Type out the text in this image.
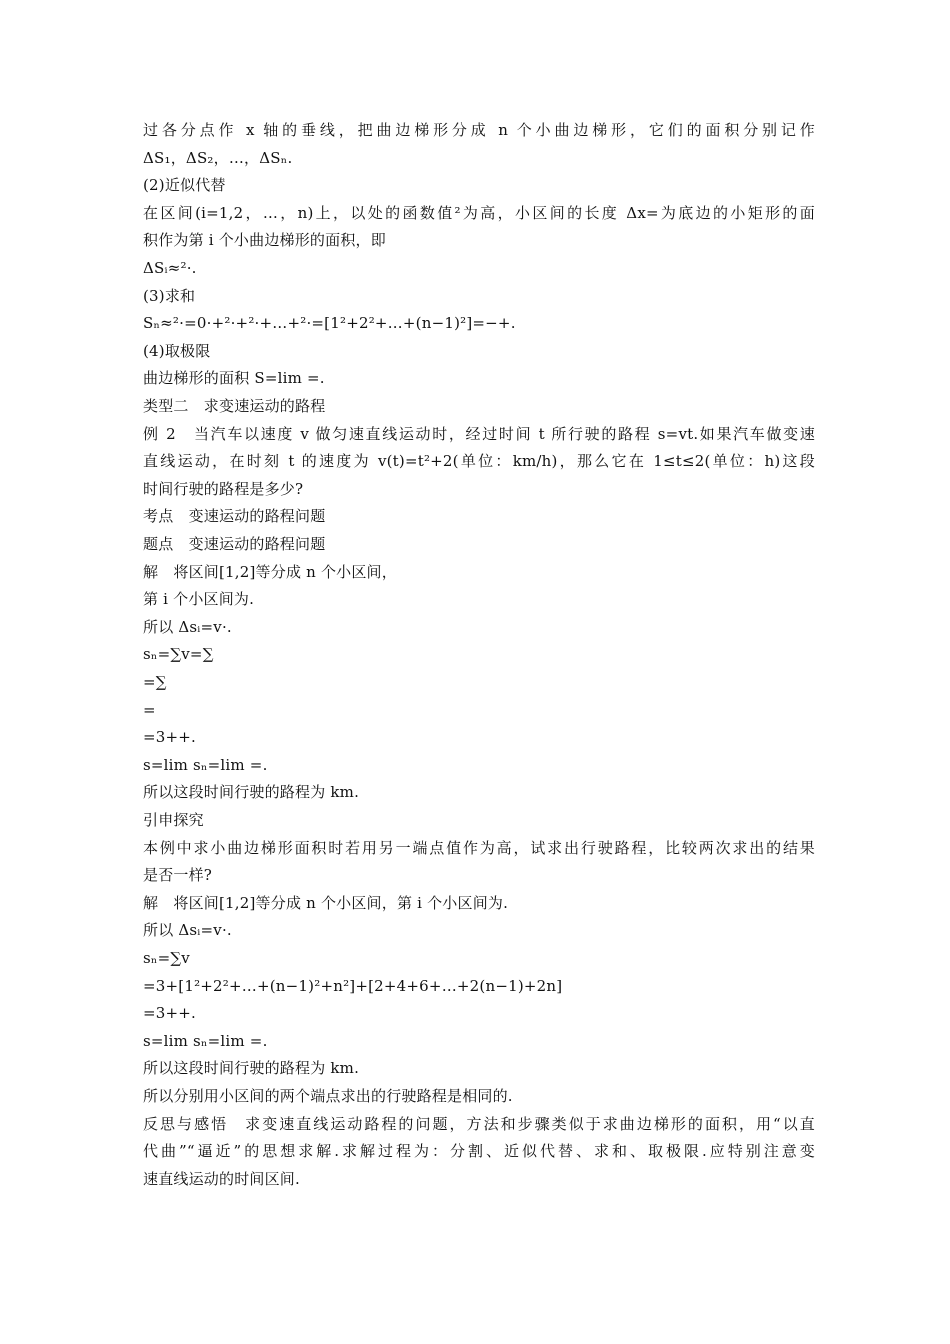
过各分点作 x 轴的垂线，把曲边梯形分成 n 个小曲边梯形，它们的面积分别记作
ΔS₁，ΔS₂，…，ΔSₙ.
(2)近似代替
在区间(i=1,2，…，n)上，以处的函数值²为高，小区间的长度 Δx=为底边的小矩形的面
积作为第 i 个小曲边梯形的面积，即
ΔSᵢ≈²·.
(3)求和
Sₙ≈²·=0·+²·+²·+…+²·=[1²+2²+…+(n−1)²]=−+.
(4)取极限
曲边梯形的面积 S=lim =.
类型二　求变速运动的路程
例 2　当汽车以速度 v 做匀速直线运动时，经过时间 t 所行驶的路程 s=vt.如果汽车做变速
直线运动，在时刻 t 的速度为 v(t)=t²+2(单位：km/h)，那么它在 1≤t≤2(单位：h)这段
时间行驶的路程是多少?
考点　变速运动的路程问题
题点　变速运动的路程问题
解　将区间[1,2]等分成 n 个小区间，
第 i 个小区间为.
所以 Δsᵢ=v·.
sₙ=∑v=∑
=∑
=
=3++.
s=lim sₙ=lim =.
所以这段时间行驶的路程为 km.
引申探究
本例中求小曲边梯形面积时若用另一端点值作为高，试求出行驶路程，比较两次求出的结果
是否一样?
解　将区间[1,2]等分成 n 个小区间，第 i 个小区间为.
所以 Δsᵢ=v·.
sₙ=∑v
=3+[1²+2²+…+(n−1)²+n²]+[2+4+6+…+2(n−1)+2n]
=3++.
s=lim sₙ=lim =.
所以这段时间行驶的路程为 km.
所以分别用小区间的两个端点求出的行驶路程是相同的.
反思与感悟　求变速直线运动路程的问题，方法和步骤类似于求曲边梯形的面积，用“以直
代曲”“逼近”的思想求解.求解过程为：分割、近似代替、求和、取极限.应特别注意变
速直线运动的时间区间.
